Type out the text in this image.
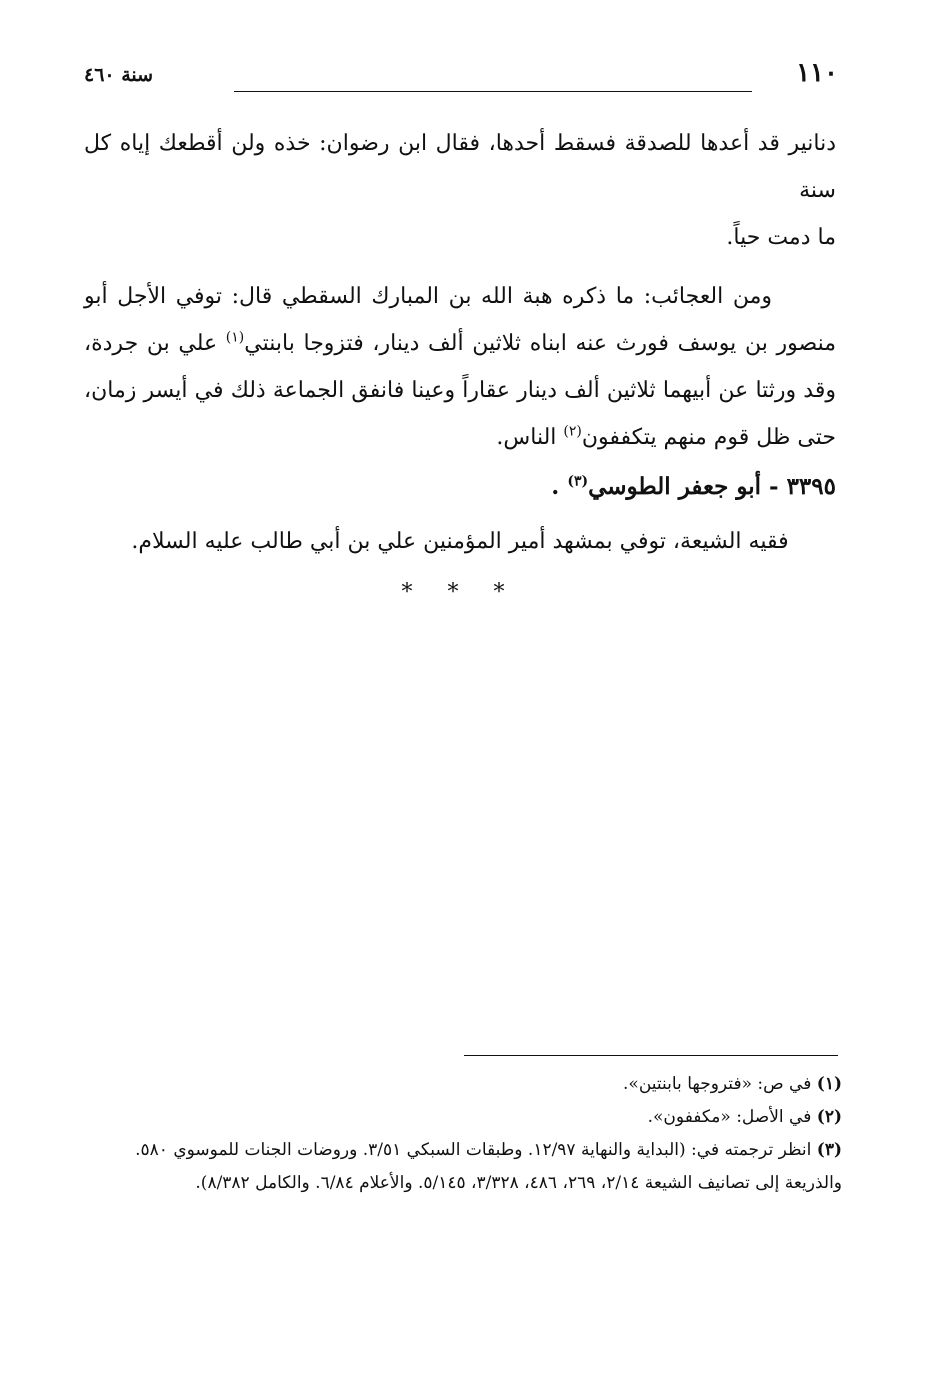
١١٠
سنة ٤٦٠

دنانير قد أعدها للصدقة فسقط أحدها، فقال ابن رضوان: خذه ولن أقطعك إياه كل سنة
ما دمت حياً.

ومن العجائب: ما ذكره هبة الله بن المبارك السقطي قال: توفي الأجل أبو منصور بن يوسف فورث عنه ابناه ثلاثين ألف دينار، فتزوجا بابنتي$^{(١)}$ علي بن جردة، وقد ورثتا عن أبيهما ثلاثين ألف دينار عقاراً وعينا فانفق الجماعة ذلك في أيسر زمان، حتى ظل قوم منهم يتكففون$^{(٢)}$ الناس.

٣٣٩٥ - أبو جعفر الطوسي$^{(٣)}$ .

فقيه الشيعة، توفي بمشهد أمير المؤمنين علي بن أبي طالب عليه السلام.

* * *

(١) في ص: «فتروجها بابنتين».

(٢) في الأصل: «مكففون».

(٣) انظر ترجمته في: (البداية والنهاية ١٢/٩٧. وطبقات السبكي ٣/٥١. وروضات الجنات للموسوي ٥٨٠. والذريعة إلى تصانيف الشيعة ٢/١٤، ٢٦٩، ٤٨٦، ٣/٣٢٨، ٥/١٤٥. والأعلام ٦/٨٤. والكامل ٨/٣٨٢).
